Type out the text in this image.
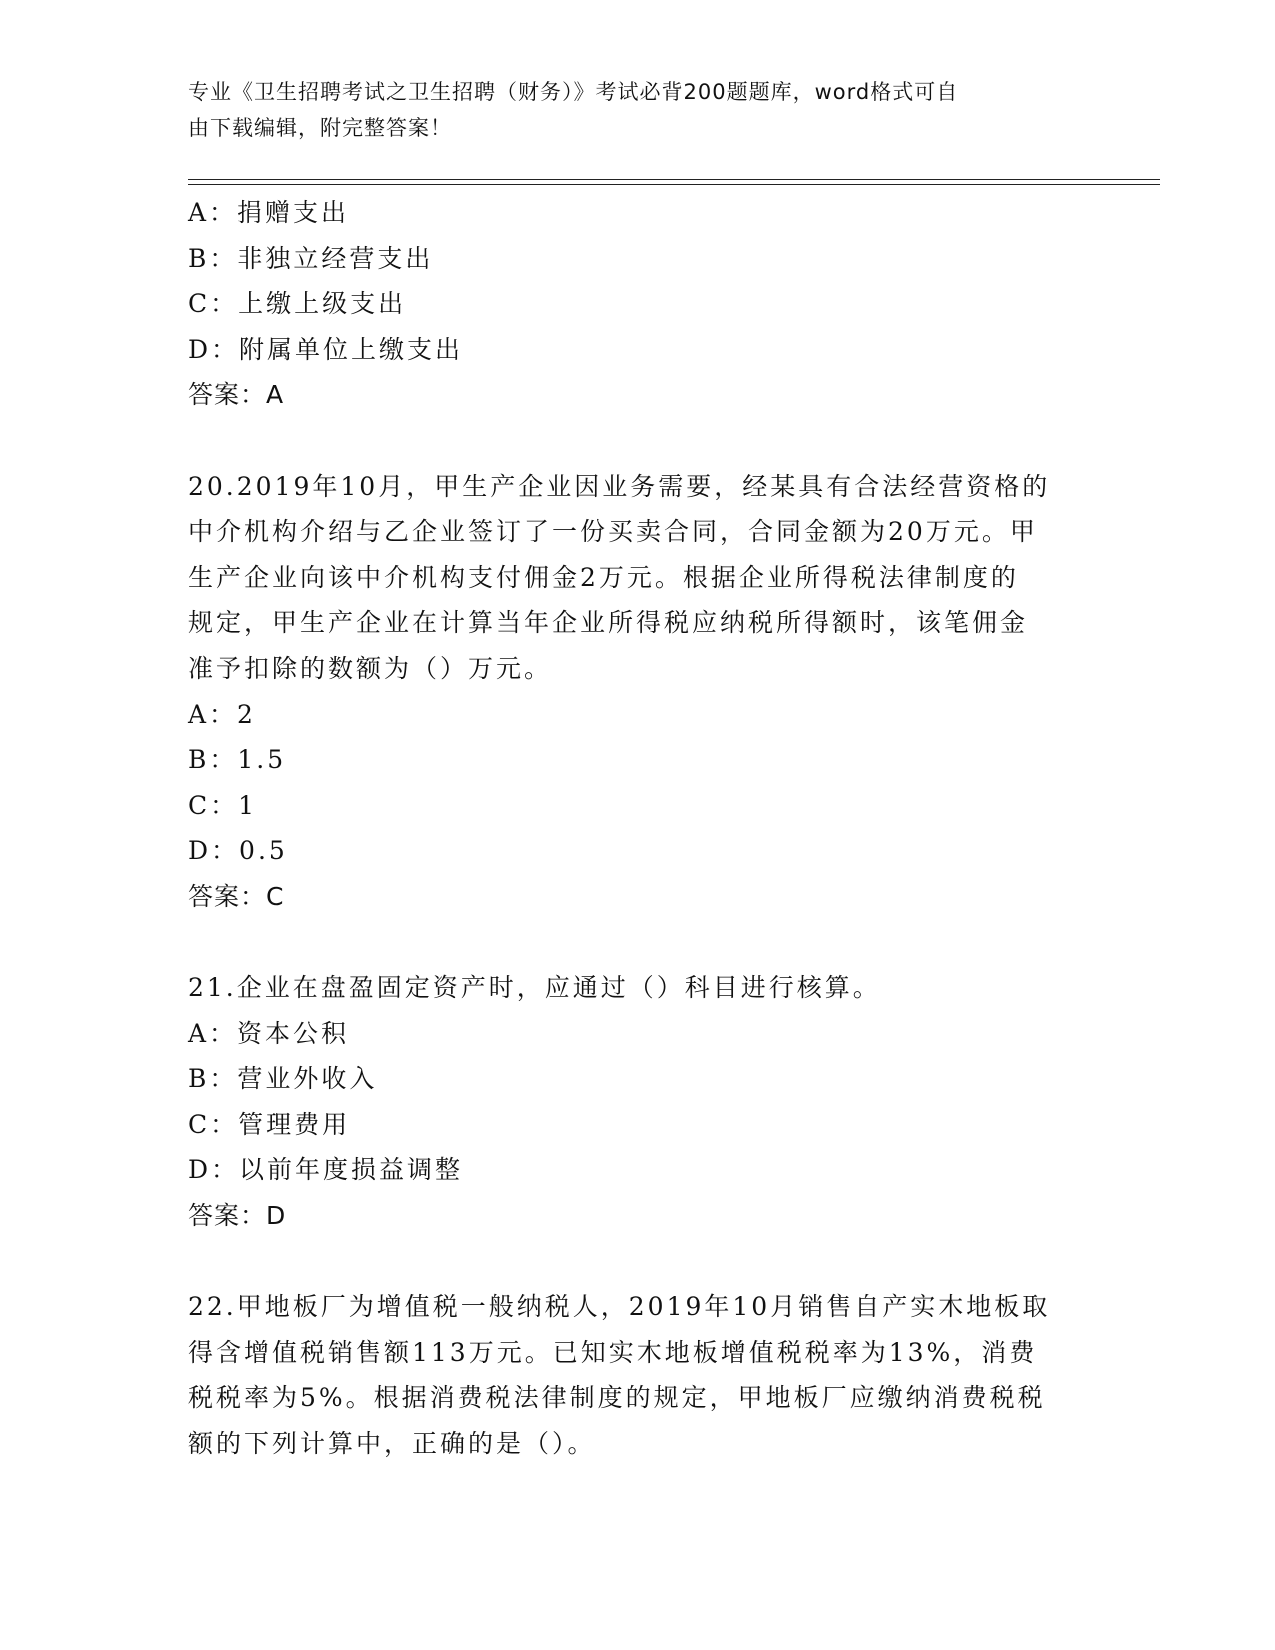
专业《卫生招聘考试之卫生招聘（财务）》考试必背200题题库，word格式可自
由下载编辑，附完整答案！
A：捐赠支出
B：非独立经营支出
C：上缴上级支出
D：附属单位上缴支出
答案：A
20.2019年10月，甲生产企业因业务需要，经某具有合法经营资格的
中介机构介绍与乙企业签订了一份买卖合同，合同金额为20万元。甲
生产企业向该中介机构支付佣金2万元。根据企业所得税法律制度的
规定，甲生产企业在计算当年企业所得税应纳税所得额时，该笔佣金
准予扣除的数额为（）万元。
A：2
B：1.5
C：1
D：0.5
答案：C
21.企业在盘盈固定资产时，应通过（）科目进行核算。
A：资本公积
B：营业外收入
C：管理费用
D：以前年度损益调整
答案：D
22.甲地板厂为增值税一般纳税人，2019年10月销售自产实木地板取
得含增值税销售额113万元。已知实木地板增值税税率为13%，消费
税税率为5%。根据消费税法律制度的规定，甲地板厂应缴纳消费税税
额的下列计算中，正确的是（）。
